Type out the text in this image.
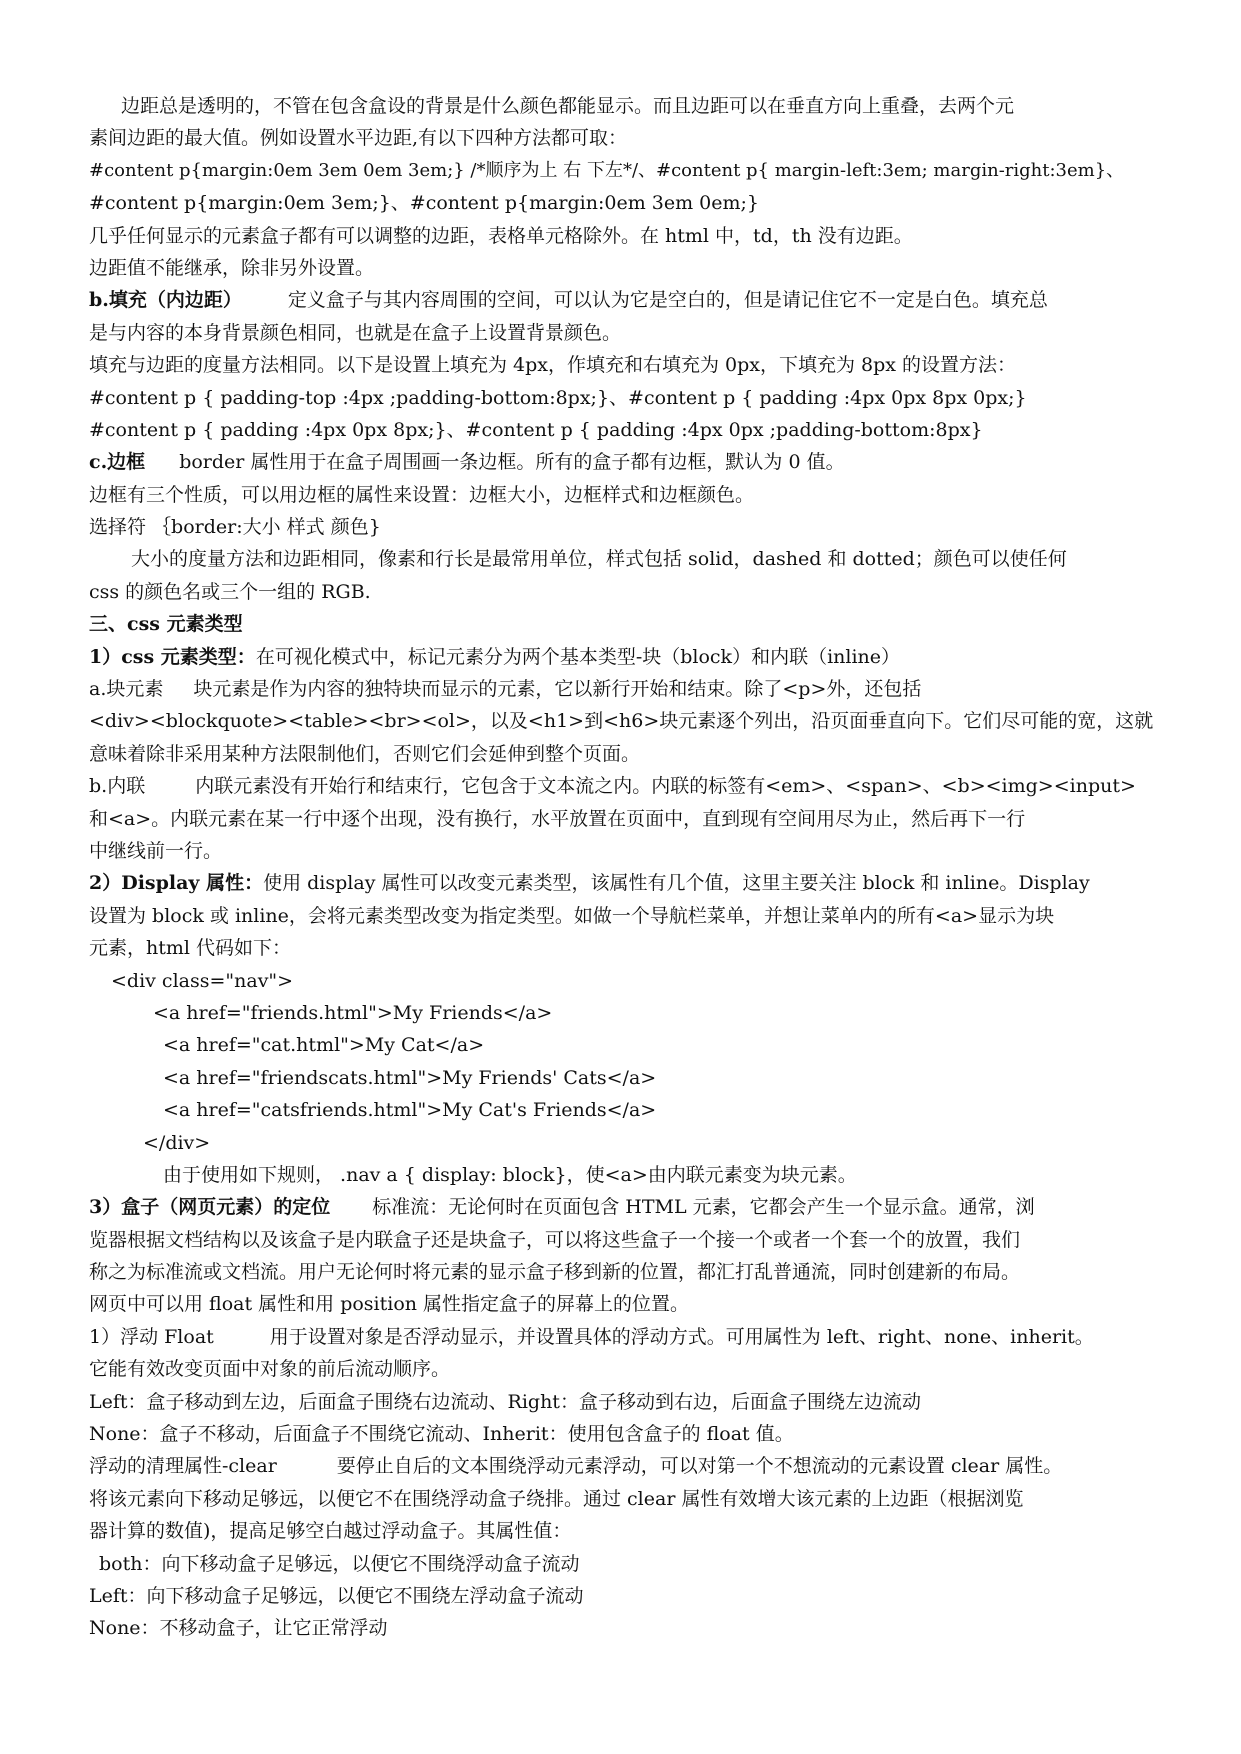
边距总是透明的，不管在包含盒设的背景是什么颜色都能显示。而且边距可以在垂直方向上重叠，去两个元
素间边距的最大值。例如设置水平边距,有以下四种方法都可取：
#content p{margin:0em 3em 0em 3em;} /*顺序为上 右 下左*/、#content p{ margin-left:3em; margin-right:3em}、
#content p{margin:0em 3em;}、#content p{margin:0em 3em 0em;}
几乎任何显示的元素盒子都有可以调整的边距，表格单元格除外。在 html 中，td，th 没有边距。
边距值不能继承，除非另外设置。
b.填充（内边距） 定义盒子与其内容周围的空间，可以认为它是空白的，但是请记住它不一定是白色。填充总
是与内容的本身背景颜色相同，也就是在盒子上设置背景颜色。
填充与边距的度量方法相同。以下是设置上填充为 4px，作填充和右填充为 0px，下填充为 8px 的设置方法：
#content p { padding-top :4px ;padding-bottom:8px;}、#content p { padding :4px 0px 8px 0px;}
#content p { padding :4px 0px 8px;}、#content p { padding :4px 0px ;padding-bottom:8px}
c.边框 border 属性用于在盒子周围画一条边框。所有的盒子都有边框，默认为 0 值。
边框有三个性质，可以用边框的属性来设置：边框大小，边框样式和边框颜色。
选择符 ｛border:大小 样式 颜色}
大小的度量方法和边距相同，像素和行长是最常用单位，样式包括 solid，dashed 和 dotted；颜色可以使任何
css 的颜色名或三个一组的 RGB.
三、css 元素类型
1）css 元素类型：在可视化模式中，标记元素分为两个基本类型-块（block）和内联（inline）
a.块元素 块元素是作为内容的独特块而显示的元素，它以新行开始和结束。除了<p>外，还包括
<div><blockquote><table><br><ol>，以及<h1>到<h6>块元素逐个列出，沿页面垂直向下。它们尽可能的宽，这就
意味着除非采用某种方法限制他们，否则它们会延伸到整个页面。
b.内联	内联元素没有开始行和结束行，它包含于文本流之内。内联的标签有<em>、<span>、<b><img><input>
和<a>。内联元素在某一行中逐个出现，没有换行，水平放置在页面中，直到现有空间用尽为止，然后再下一行
中继线前一行。
2）Display 属性：使用 display 属性可以改变元素类型，该属性有几个值，这里主要关注 block 和 inline。Display
设置为 block 或 inline，会将元素类型改变为指定类型。如做一个导航栏菜单，并想让菜单内的所有<a>显示为块
元素，html 代码如下：
<div class="nav">
<a href="friends.html">My Friends</a>
<a href="cat.html">My Cat</a>
<a href="friendscats.html">My Friends' Cats</a>
<a href="catsfriends.html">My Cat's Friends</a>
</div>
由于使用如下规则， .nav a { display: block}，使<a>由内联元素变为块元素。
3）盒子（网页元素）的定位 标准流：无论何时在页面包含 HTML 元素，它都会产生一个显示盒。通常，浏
览器根据文档结构以及该盒子是内联盒子还是块盒子，可以将这些盒子一个接一个或者一个套一个的放置，我们
称之为标准流或文档流。用户无论何时将元素的显示盒子移到新的位置，都汇打乱普通流，同时创建新的布局。
网页中可以用 float 属性和用 position 属性指定盒子的屏幕上的位置。
1）浮动 Float	用于设置对象是否浮动显示，并设置具体的浮动方式。可用属性为 left、right、none、inherit。
它能有效改变页面中对象的前后流动顺序。
Left：盒子移动到左边，后面盒子围绕右边流动、Right：盒子移动到右边，后面盒子围绕左边流动
None：盒子不移动，后面盒子不围绕它流动、Inherit：使用包含盒子的 float 值。
浮动的清理属性-clear	要停止自后的文本围绕浮动元素浮动，可以对第一个不想流动的元素设置 clear 属性。
将该元素向下移动足够远，以便它不在围绕浮动盒子绕排。通过 clear 属性有效增大该元素的上边距（根据浏览
器计算的数值)，提高足够空白越过浮动盒子。其属性值：
both：向下移动盒子足够远，以便它不围绕浮动盒子流动
Left：向下移动盒子足够远，以便它不围绕左浮动盒子流动
None：不移动盒子，让它正常浮动
